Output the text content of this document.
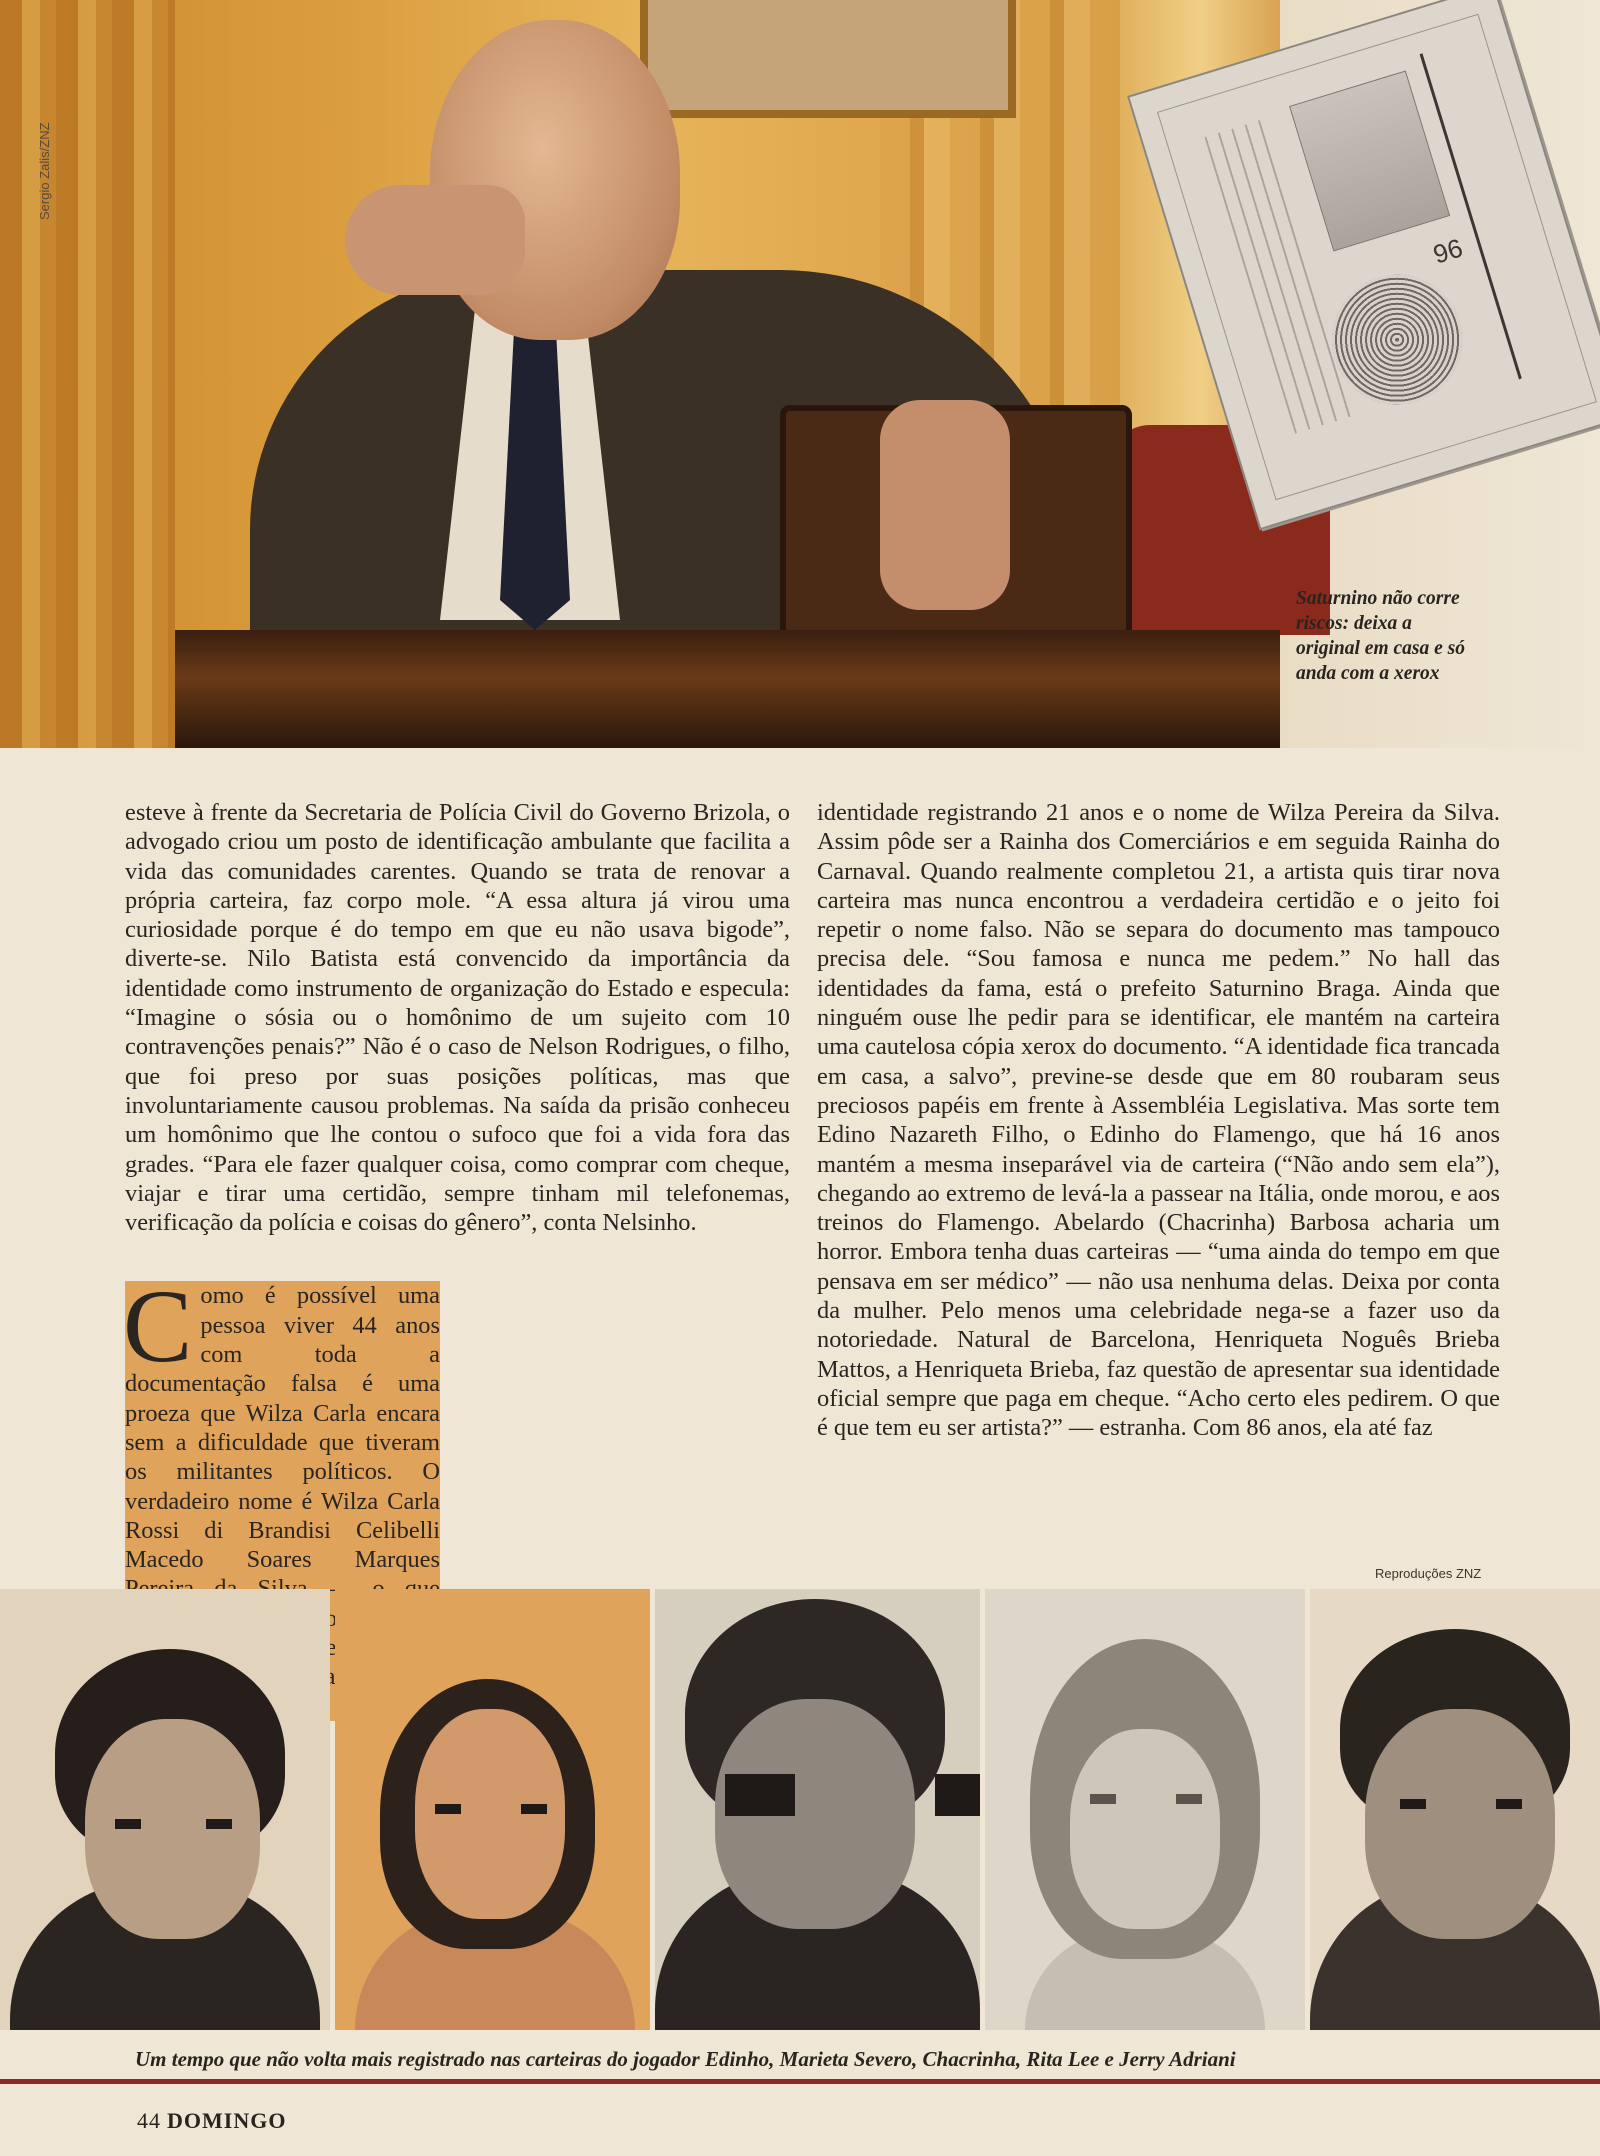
Sergio Zalis/ZNZ
96
Saturnino não corre riscos: deixa a original em casa e só anda com a xerox

esteve à frente da Secretaria de Polícia Civil do Governo Brizola, o advogado criou um posto de identificação ambulante que facilita a vida das comunidades carentes. Quando se trata de renovar a própria carteira, faz corpo mole. “A essa altura já virou uma curiosidade porque é do tempo em que eu não usava bigode”, diverte-se. Nilo Batista está convencido da importância da identidade como instrumento de organização do Estado e especula: “Imagine o sósia ou o homônimo de um sujeito com 10 contravenções penais?” Não é o caso de Nelson Rodrigues, o filho, que foi preso por suas posições políticas, mas que involuntariamente causou problemas. Na saída da prisão conheceu um homônimo que lhe contou o sufoco que foi a vida fora das grades. “Para ele fazer qualquer coisa, como comprar com cheque, viajar e tirar uma certidão, sempre tinham mil telefonemas, verificação da polícia e coisas do gênero”, conta Nelsinho.

Como é possível uma pessoa viver 44 anos com toda a documentação falsa é uma proeza que Wilza Carla encara sem a dificuldade que tiveram os militantes políticos. O verdadeiro nome é Wilza Carla Rossi di Brandisi Celibelli Macedo Soares Marques

identidade registrando 21 anos e o nome de Wilza Pereira da Silva. Assim pôde ser a Rainha dos Comerciários e em seguida Rainha do Carnaval. Quando realmente completou 21, a artista quis tirar nova carteira mas nunca encontrou a verdadeira certidão e o jeito foi repetir o nome falso. Não se separa do documento mas tampouco precisa dele. “Sou famosa e nunca me pedem.” No hall das identidades da fama, está o prefeito Saturnino Braga. Ainda que ninguém ouse lhe pedir para se identificar, ele mantém na carteira uma cautelosa cópia xerox do documento. “A identidade fica trancada em casa, a salvo”, previne-se desde que em 80 roubaram seus preciosos papéis em frente à Assembléia Legislativa. Mas sorte tem Edino Nazareth Filho, o Edinho do Flamengo, que há 16 anos mantém a mesma inseparável via de carteira (“Não ando sem ela”), chegando ao extremo de levá-la a passear na Itália, onde morou, e aos treinos do Flamengo. Abelardo (Chacrinha) Barbosa acharia um horror. Embora tenha duas carteiras — “uma ainda do tempo em que pensava em ser médico” — não usa nenhuma delas. Deixa por conta da mulher. Pelo menos uma celebridade nega-se a fazer uso da notoriedade. Natural de Barcelona, Henriqueta Noguês Brieba Mattos, a Henriqueta Brieba, faz questão de apresentar sua identidade oficial sempre que paga em cheque. “Acho certo eles pedirem. O que é que tem eu ser artista?” — estranha. Com 86 anos, ela até faz

Reproduções ZNZ
Um tempo que não volta mais registrado nas carteiras do jogador Edinho, Marieta Severo, Chacrinha, Rita Lee e Jerry Adriani
44 DOMINGO
